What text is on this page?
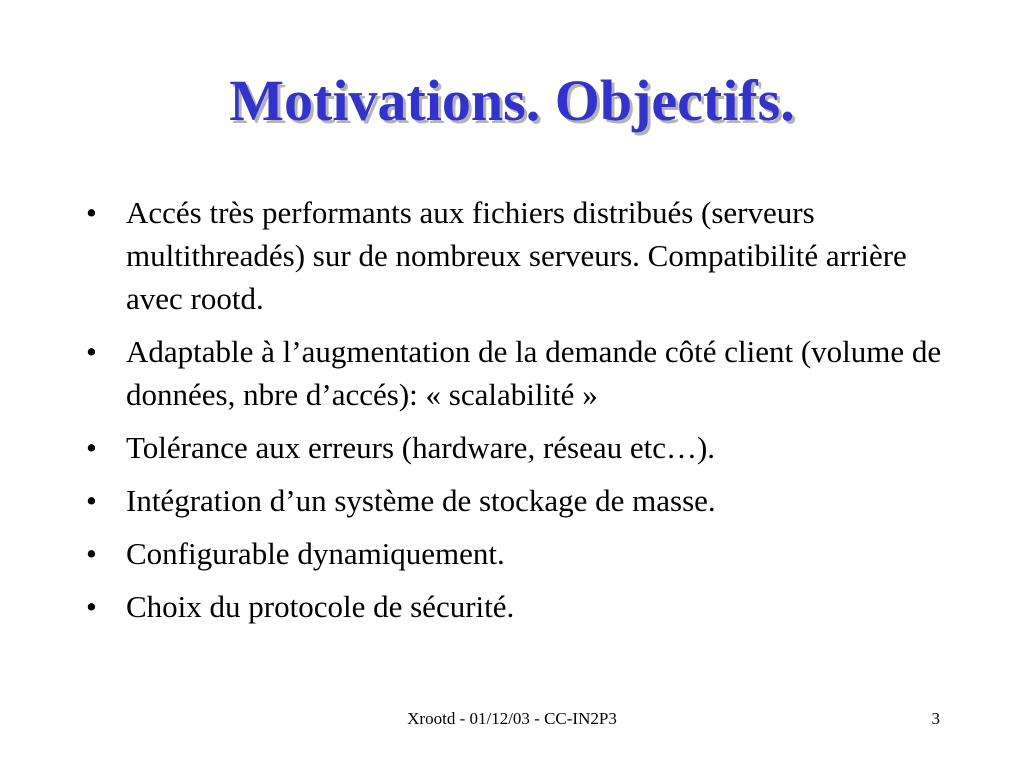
Motivations. Objectifs.
• Accés très performants aux fichiers distribués (serveurs multithreadés) sur de nombreux serveurs. Compatibilité arrière avec rootd.
• Adaptable à l’augmentation de la demande côté client (volume de données, nbre d’accés): « scalabilité »
• Tolérance aux erreurs (hardware, réseau etc…).
• Intégration d’un système de stockage de masse.
• Configurable dynamiquement.
• Choix du protocole de sécurité.
Xrootd - 01/12/03 - CC-IN2P3	3
